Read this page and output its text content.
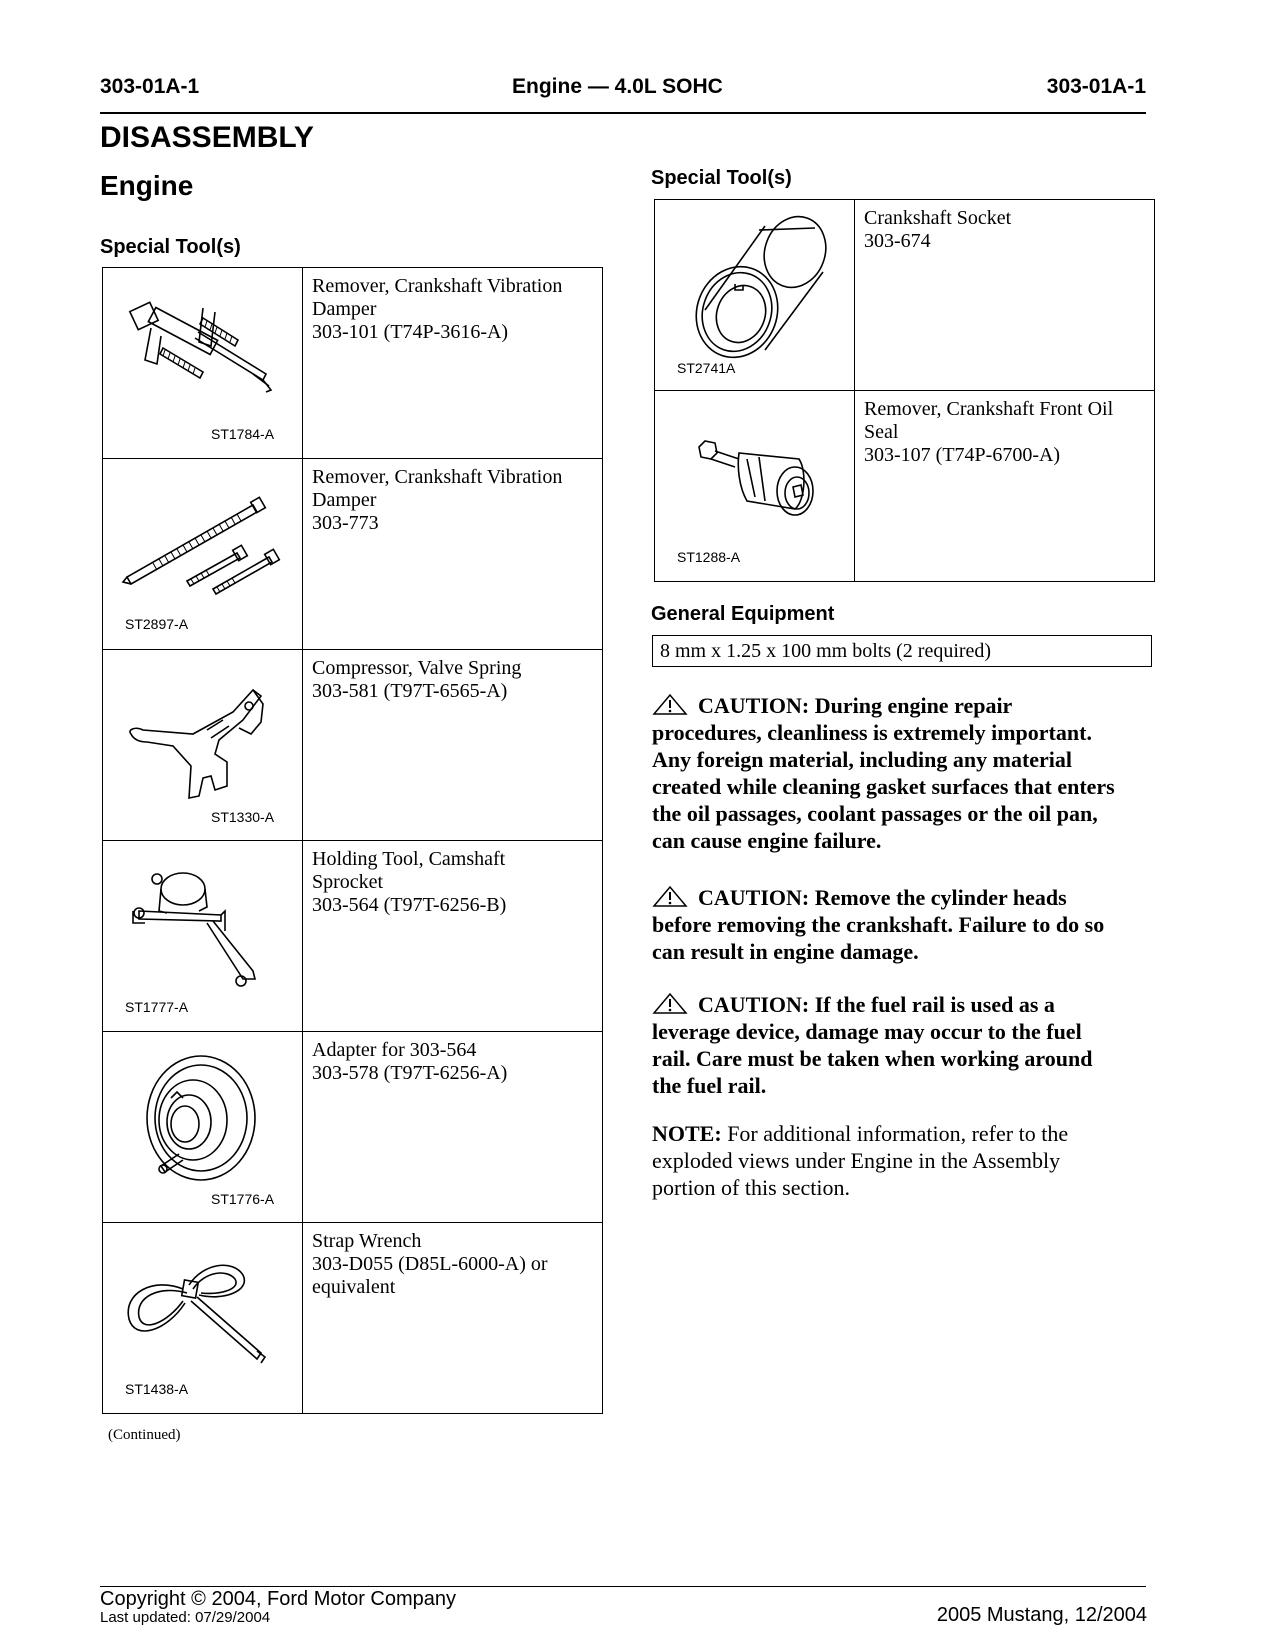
303-01A-1	Engine — 4.0L SOHC	303-01A-1
DISASSEMBLY
Engine
Special Tool(s)
ST1784-A	Remover, Crankshaft Vibration
Damper
303-101 (T74P-3616-A)

ST2897-A	Remover, Crankshaft Vibration
Damper
303-773

ST1330-A	Compressor, Valve Spring
303-581 (T97T-6565-A)

ST1777-A	Holding Tool, Camshaft
Sprocket
303-564 (T97T-6256-B)

ST1776-A	Adapter for 303-564
303-578 (T97T-6256-A)

ST1438-A	Strap Wrench
303-D055 (D85L-6000-A) or
equivalent
(Continued)
Special Tool(s)
ST2741A	Crankshaft Socket
303-674

ST1288-A	Remover, Crankshaft Front Oil
Seal
303-107 (T74P-6700-A)
General Equipment
8 mm x 1.25 x 100 mm bolts (2 required)
CAUTION: During engine repair
procedures, cleanliness is extremely important.
Any foreign material, including any material
created while cleaning gasket surfaces that enters
the oil passages, coolant passages or the oil pan,
can cause engine failure.
CAUTION: Remove the cylinder heads
before removing the crankshaft. Failure to do so
can result in engine damage.
CAUTION: If the fuel rail is used as a
leverage device, damage may occur to the fuel
rail. Care must be taken when working around
the fuel rail.
NOTE: For additional information, refer to the
exploded views under Engine in the Assembly
portion of this section.
Copyright © 2004, Ford Motor Company
Last updated: 07/29/2004	2005 Mustang, 12/2004
